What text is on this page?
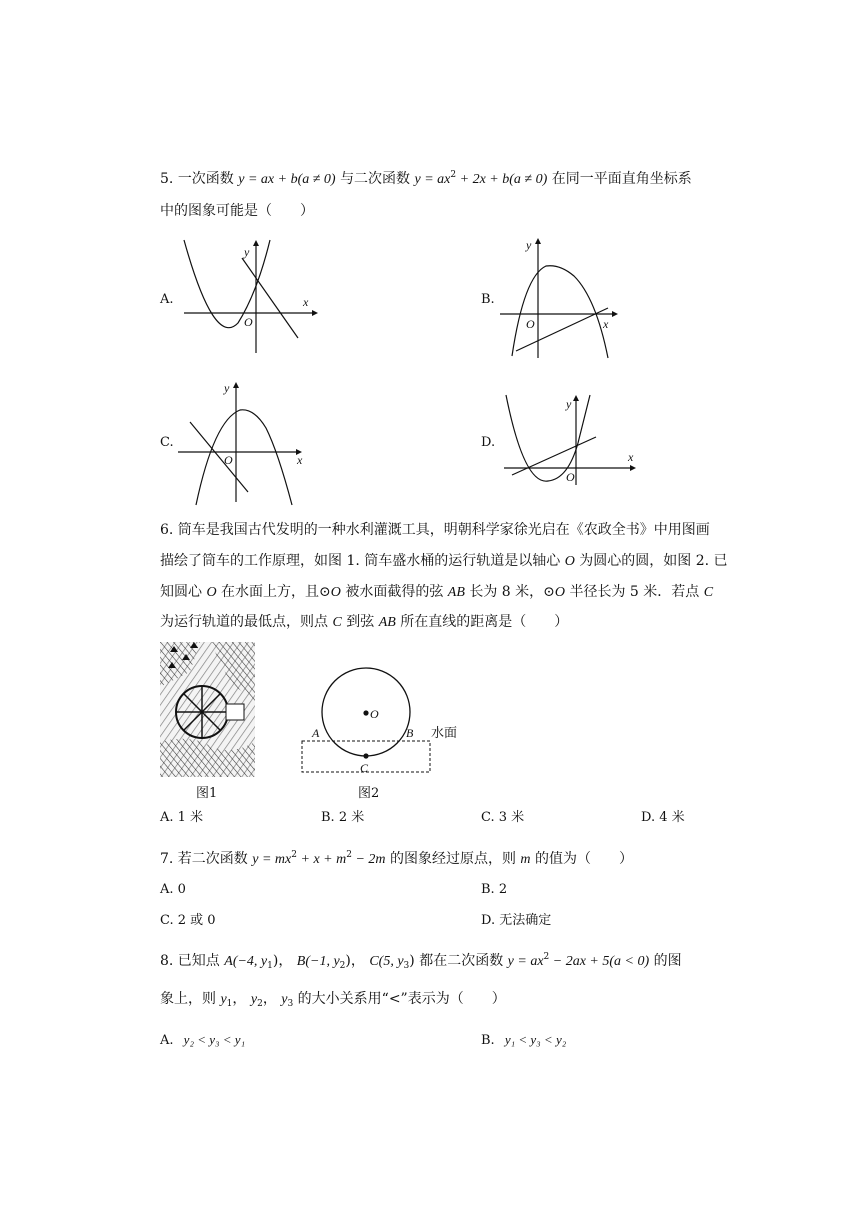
5. 一次函数 y = ax + b(a ≠ 0) 与二次函数 $y = ax^2 + 2x + b(a \ne 0)$ 在同一平面直角坐标系
中的图象可能是（　　）
A.	x
y
O
B.
x
y
O
C.
x
y
O
D.
x
y
O
6. 筒车是我国古代发明的一种水利灌溉工具，明朝科学家徐光启在《农政全书》中用图画
描绘了筒车的工作原理，如图 1. 筒车盛水桶的运行轨道是以轴心 O 为圆心的圆，如图 2. 已
知圆心 O 在水面上方，且⊙O 被水面截得的弦 AB 长为 8 米，⊙O 半径长为 5 米．若点 C
为运行轨道的最低点，则点 C 到弦 AB 所在直线的距离是（　　）
图1
O
A	B
C
水面
图2
A. 1 米	B. 2 米	C. 3 米	D. 4 米
7. 若二次函数 $y = mx^2 + x + m^2 - 2m$ 的图象经过原点，则 m 的值为（　　）
A. 0	B. 2
C. 2 或 0	D. 无法确定
8. 已知点 A(−4, $y_1$)， B(−1, $y_2$)， C(5, $y_3$) 都在二次函数 $y = ax^2 - 2ax + 5(a < 0)$ 的图
象上，则 $y_1$， $y_2$， $y_3$ 的大小关系用“<”表示为（　　）
A. y₂ < y₃ < y₁	B. y₁ < y₃ < y₂
